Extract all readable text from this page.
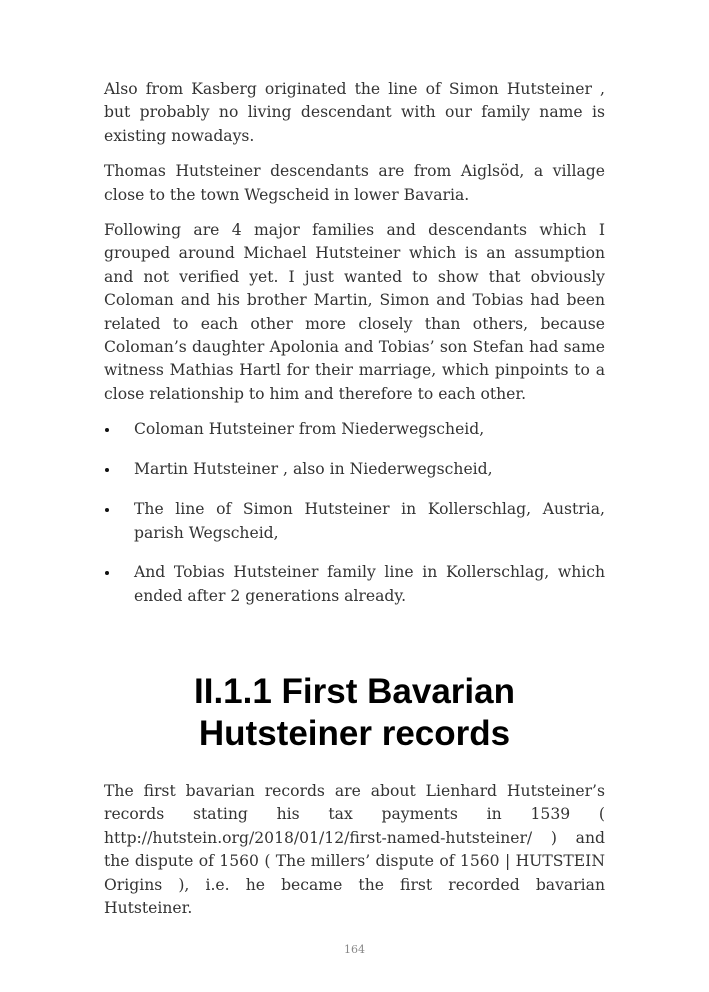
Also from Kasberg originated the line of Simon Hutsteiner , but probably no living descendant with our family name is existing nowadays.

Thomas Hutsteiner descendants are from Aiglsöd, a village close to the town Wegscheid in lower Bavaria.

Following are 4 major families and descendants which I grouped around Michael Hutsteiner which is an assumption and not verified yet. I just wanted to show that obviously Coloman and his brother Martin, Simon and Tobias had been related to each other more closely than others, because Coloman’s daughter Apolonia and Tobias’ son Stefan had same witness Mathias Hartl for their marriage, which pinpoints to a close relationship to him and therefore to each other.

Coloman Hutsteiner from Niederwegscheid,
Martin Hutsteiner , also in Niederwegscheid,
The line of Simon Hutsteiner in Kollerschlag, Austria, parish Wegscheid,
And Tobias Hutsteiner family line in Kollerschlag, which ended after 2 generations already.
II.1.1 First Bavarian
Hutsteiner records

The first bavarian records are about Lienhard Hutsteiner’s records stating his tax payments in 1539 ( http://hutstein.org/2018/01/12/first-named-hutsteiner/ ) and the dispute of 1560 ( The millers’ dispute of 1560 | HUTSTEIN Origins ), i.e. he became the first recorded bavarian Hutsteiner.

164
